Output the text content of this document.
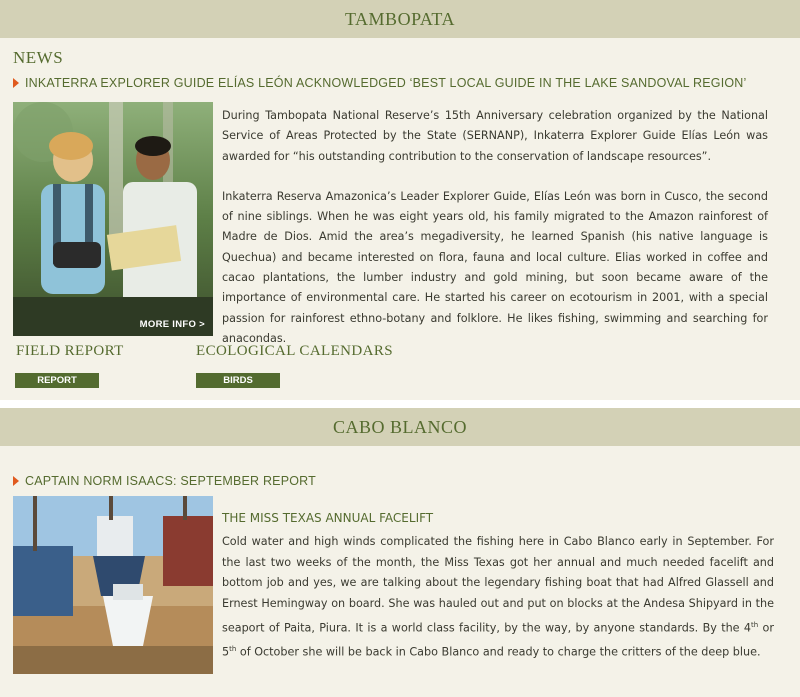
TAMBOPATA
NEWS
INKATERRA EXPLORER GUIDE ELÍAS LEÓN ACKNOWLEDGED ‘BEST LOCAL GUIDE IN THE LAKE SANDOVAL REGION’
MORE INFO >

During Tambopata National Reserve’s 15th Anniversary celebration organized by the National Service of Areas Protected by the State (SERNANP), Inkaterra Explorer Guide Elías León was awarded for “his outstanding contribution to the conservation of landscape resources”.

Inkaterra Reserva Amazonica’s Leader Explorer Guide, Elías León was born in Cusco, the second of nine siblings. When he was eight years old, his family migrated to the Amazon rainforest of Madre de Dios. Amid the area’s megadiversity, he learned Spanish (his native language is Quechua) and became interested on flora, fauna and local culture. Elias worked in coffee and cacao plantations, the lumber industry and gold mining, but soon became aware of the importance of environmental care. He started his career on ecotourism in 2001, with a special passion for rainforest ethno-botany and folklore. He likes fishing, swimming and searching for anacondas.

FIELD REPORT
REPORT
ECOLOGICAL CALENDARS
BIRDS
CABO BLANCO
CAPTAIN NORM ISAACS: SEPTEMBER REPORT
THE MISS TEXAS ANNUAL FACELIFT
Cold water and high winds complicated the fishing here in Cabo Blanco early in September. For the last two weeks of the month, the Miss Texas got her annual and much needed facelift and bottom job and yes, we are talking about the legendary fishing boat that had Alfred Glassell and Ernest Hemingway on board. She was hauled out and put on blocks at the Andesa Shipyard in the seaport of Paita, Piura. It is a world class facility, by the way, by anyone standards. By the 4th or 5th of October she will be back in Cabo Blanco and ready to charge the critters of the deep blue.
